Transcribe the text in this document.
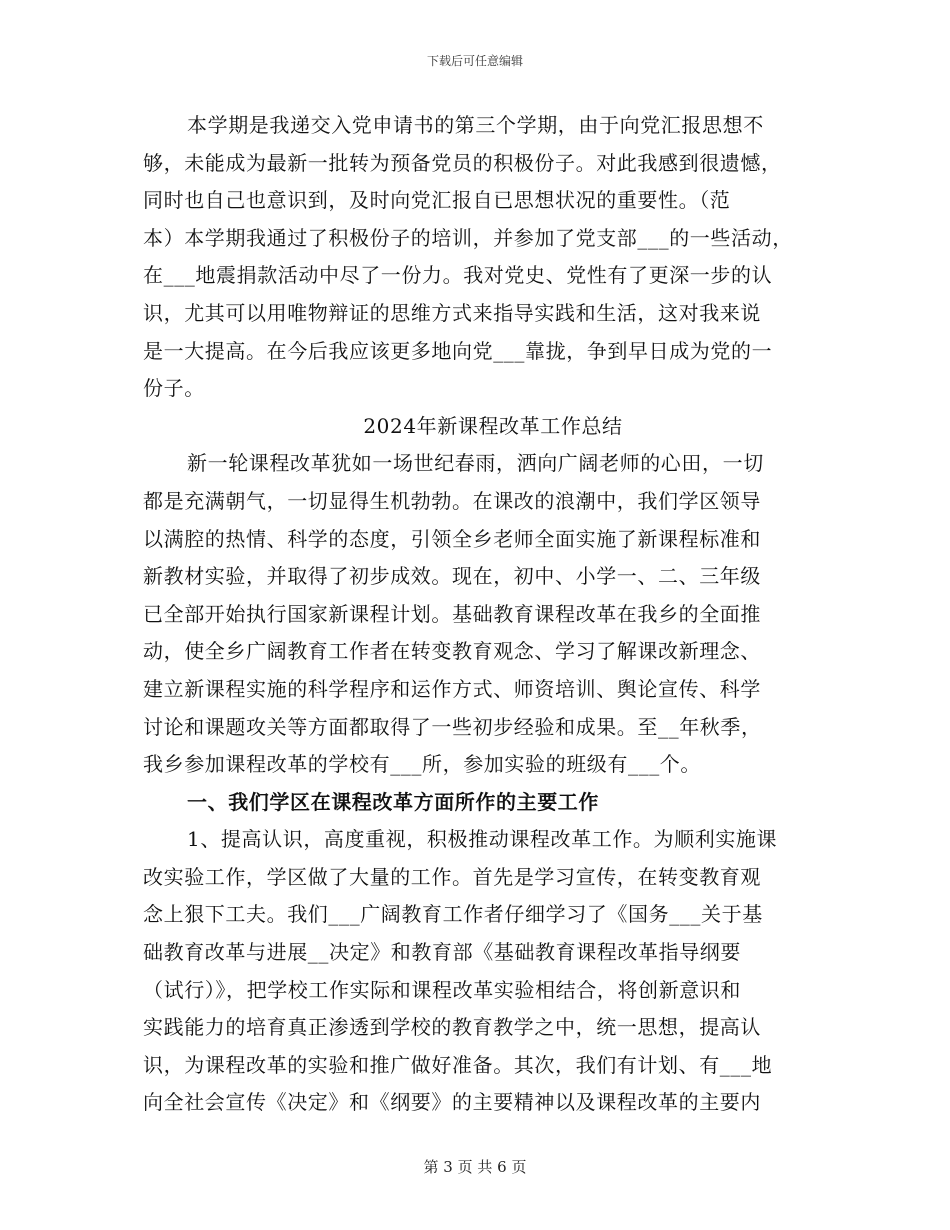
下载后可任意编辑
本学期是我递交入党申请书的第三个学期，由于向党汇报思想不
够，未能成为最新一批转为预备党员的积极份子。对此我感到很遗憾，
同时也自己也意识到，及时向党汇报自已思想状况的重要性。（范
本）本学期我通过了积极份子的培训，并参加了党支部___的一些活动，
在___地震捐款活动中尽了一份力。我对党史、党性有了更深一步的认
识，尤其可以用唯物辩证的思维方式来指导实践和生活，这对我来说
是一大提高。在今后我应该更多地向党___靠拢，争到早日成为党的一
份子。
2024年新课程改革工作总结
新一轮课程改革犹如一场世纪春雨，洒向广阔老师的心田，一切
都是充满朝气，一切显得生机勃勃。在课改的浪潮中，我们学区领导
以满腔的热情、科学的态度，引领全乡老师全面实施了新课程标准和
新教材实验，并取得了初步成效。现在，初中、小学一、二、三年级
已全部开始执行国家新课程计划。基础教育课程改革在我乡的全面推
动，使全乡广阔教育工作者在转变教育观念、学习了解课改新理念、
建立新课程实施的科学程序和运作方式、师资培训、舆论宣传、科学
讨论和课题攻关等方面都取得了一些初步经验和成果。至__年秋季，
我乡参加课程改革的学校有___所，参加实验的班级有___个。
一、我们学区在课程改革方面所作的主要工作
1、提高认识，高度重视，积极推动课程改革工作。为顺利实施课
改实验工作，学区做了大量的工作。首先是学习宣传，在转变教育观
念上狠下工夫。我们___广阔教育工作者仔细学习了《国务___关于基
础教育改革与进展__决定》和教育部《基础教育课程改革指导纲要
（试行）》，把学校工作实际和课程改革实验相结合，将创新意识和
实践能力的培育真正渗透到学校的教育教学之中，统一思想，提高认
识，为课程改革的实验和推广做好准备。其次，我们有计划、有___地
向全社会宣传《决定》和《纲要》的主要精神以及课程改革的主要内
第 3 页 共 6 页
